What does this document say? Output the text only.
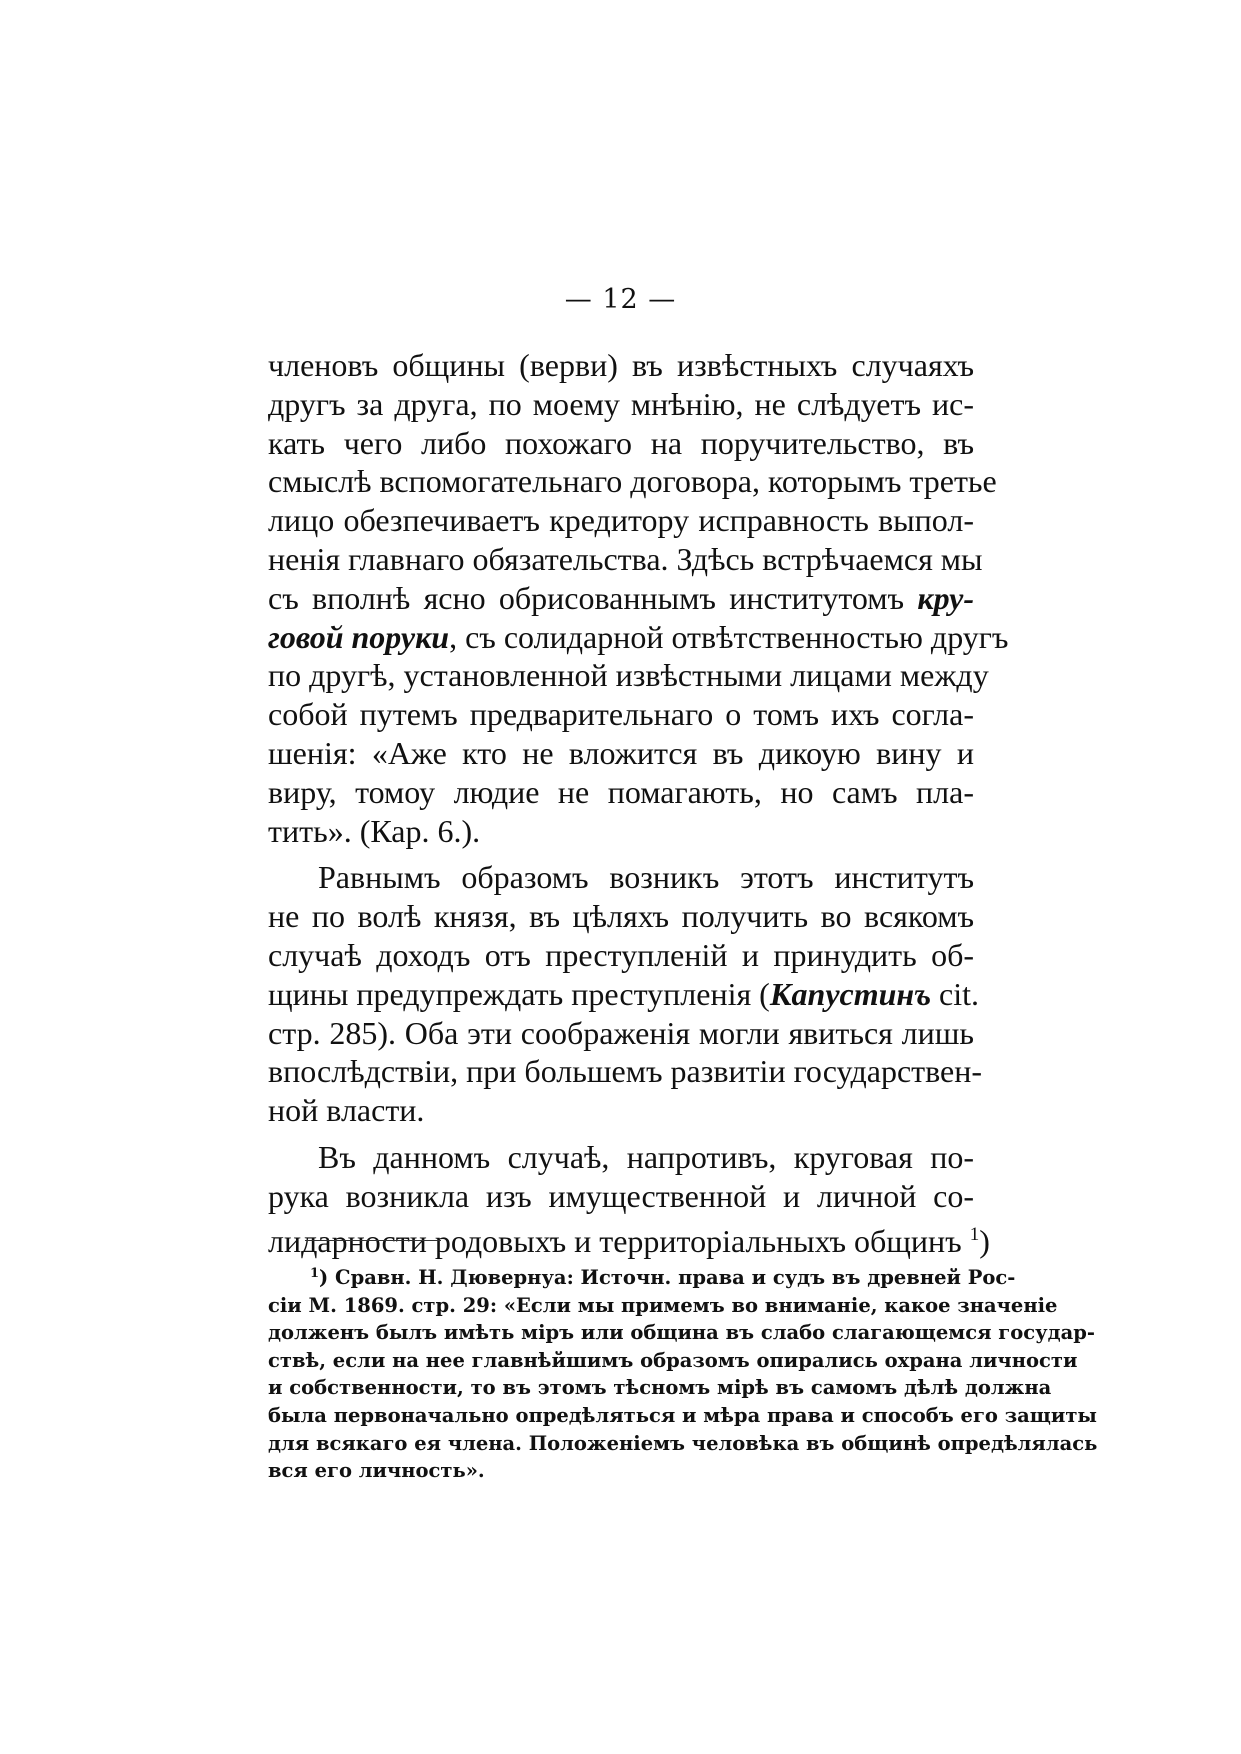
— 12 —
членовъ общины (верви) въ извѣстныхъ случаяхъ
другъ за друга, по моему мнѣнію, не слѣдуетъ ис-
кать чего либо похожаго на поручительство, въ
смыслѣ вспомогательнаго договора, которымъ третье
лицо обезпечиваетъ кредитору исправность выпол-
ненія главнаго обязательства. Здѣсь встрѣчаемся мы
съ вполнѣ ясно обрисованнымъ институтомъ кру-
говой поруки, съ солидарной отвѣтственностью другъ
по другѣ, установленной извѣстными лицами между
собой путемъ предварительнаго о томъ ихъ согла-
шенія: «Аже кто не вложится въ дикоую вину и
виру, томоу людие не помагають, но самъ пла-
тить». (Кар. 6.).
Равнымъ образомъ возникъ этотъ институтъ
не по волѣ князя, въ цѣляхъ получить во всякомъ
случаѣ доходъ отъ преступленій и принудить об-
щины предупреждать преступленія (Капустинъ cit.
стр. 285). Оба эти соображенія могли явиться лишь
впослѣдствіи, при большемъ развитіи государствен-
ной власти.
Въ данномъ случаѣ, напротивъ, круговая по-
рука возникла изъ имущественной и личной со-
лидарности родовыхъ и территоріальныхъ общинъ $^1$)
$^1$) Сравн. Н. Дювернуа: Источн. права и судъ въ древней Рос-
сіи М. 1869. стр. 29: «Если мы примемъ во вниманіе, какое значеніе
долженъ былъ имѣть міръ или община въ слабо слагающемся государ-
ствѣ, если на нее главнѣйшимъ образомъ опирались охрана личности
и собственности, то въ этомъ тѣсномъ мірѣ въ самомъ дѣлѣ должна
была первоначально опредѣляться и мѣра права и способъ его защиты
для всякаго ея члена. Положеніемъ человѣка въ общинѣ опредѣлялась
вся его личность».
